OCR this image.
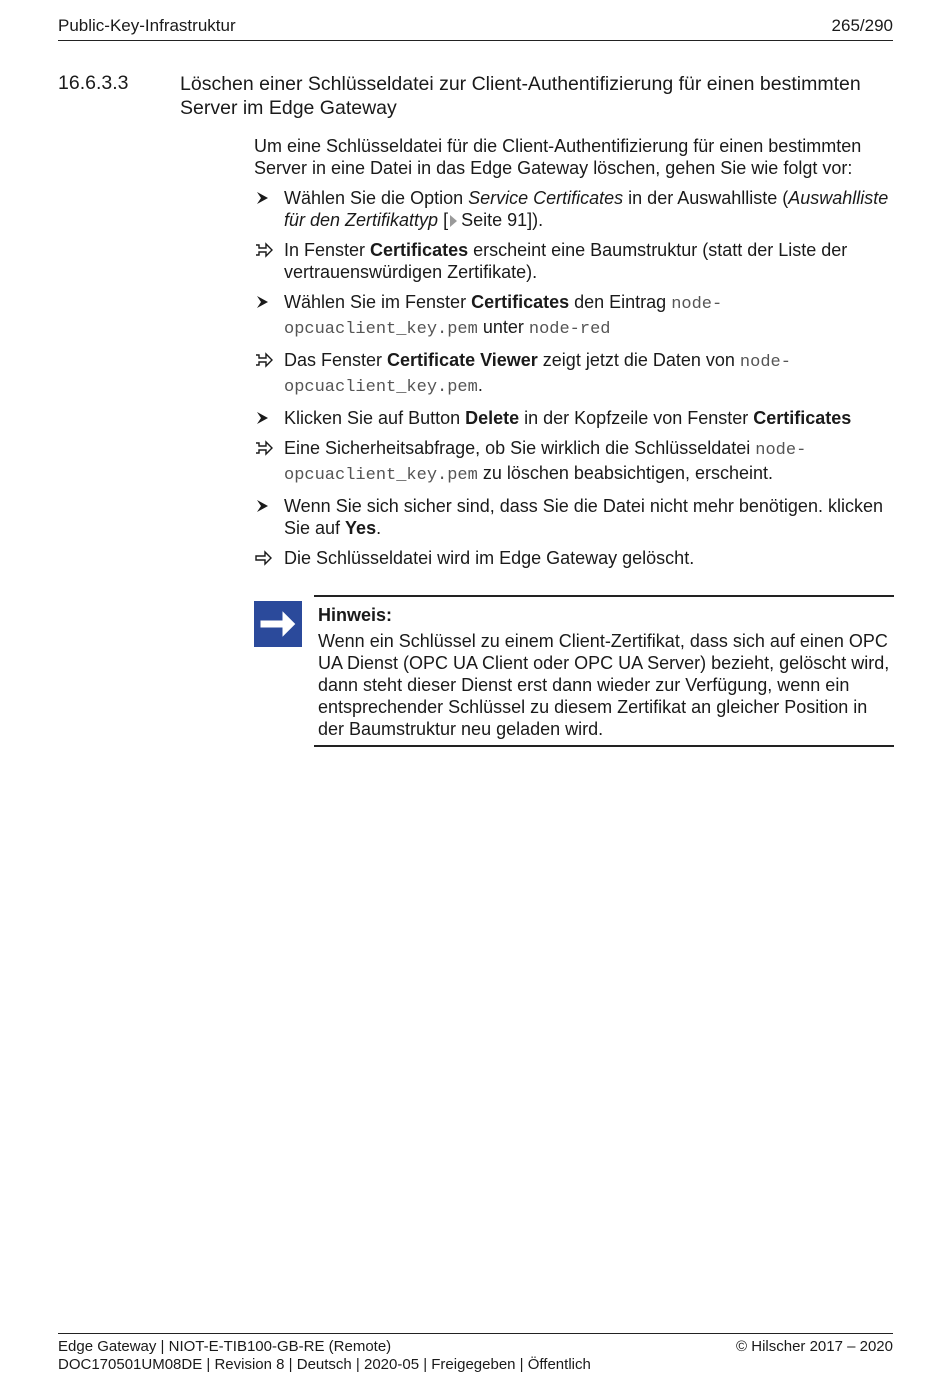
Public-Key-Infrastruktur	265/290
16.6.3.3	Löschen einer Schlüsseldatei zur Client-Authentifizierung für einen bestimmten Server im Edge Gateway

Um eine Schlüsseldatei für die Client-Authentifizierung für einen bestimmten Server in eine Datei in das Edge Gateway löschen, gehen Sie wie folgt vor:

Wählen Sie die Option Service Certificates in der Auswahlliste (Auswahlliste für den Zertifikattyp [ Seite 91]).
In Fenster Certificates erscheint eine Baumstruktur (statt der Liste der vertrauenswürdigen Zertifikate).
Wählen Sie im Fenster Certificates den Eintrag node-opcuaclient_key.pem unter node-red
Das Fenster Certificate Viewer zeigt jetzt die Daten von node-opcuaclient_key.pem.
Klicken Sie auf Button Delete in der Kopfzeile von Fenster Certificates
Eine Sicherheitsabfrage, ob Sie wirklich die Schlüsseldatei node-opcuaclient_key.pem zu löschen beabsichtigen, erscheint.
Wenn Sie sich sicher sind, dass Sie die Datei nicht mehr benötigen. klicken Sie auf Yes.
Die Schlüsseldatei wird im Edge Gateway gelöscht.
Hinweis:
Wenn ein Schlüssel zu einem Client-Zertifikat, dass sich auf einen OPC UA Dienst (OPC UA Client oder OPC UA Server) bezieht, gelöscht wird, dann steht dieser Dienst erst dann wieder zur Verfügung, wenn ein entsprechender Schlüssel zu diesem Zertifikat an gleicher Position in der Baumstruktur neu geladen wird.
Edge Gateway | NIOT-E-TIB100-GB-RE (Remote)
DOC170501UM08DE | Revision 8 | Deutsch | 2020-05 | Freigegeben | Öffentlich
© Hilscher 2017 – 2020
